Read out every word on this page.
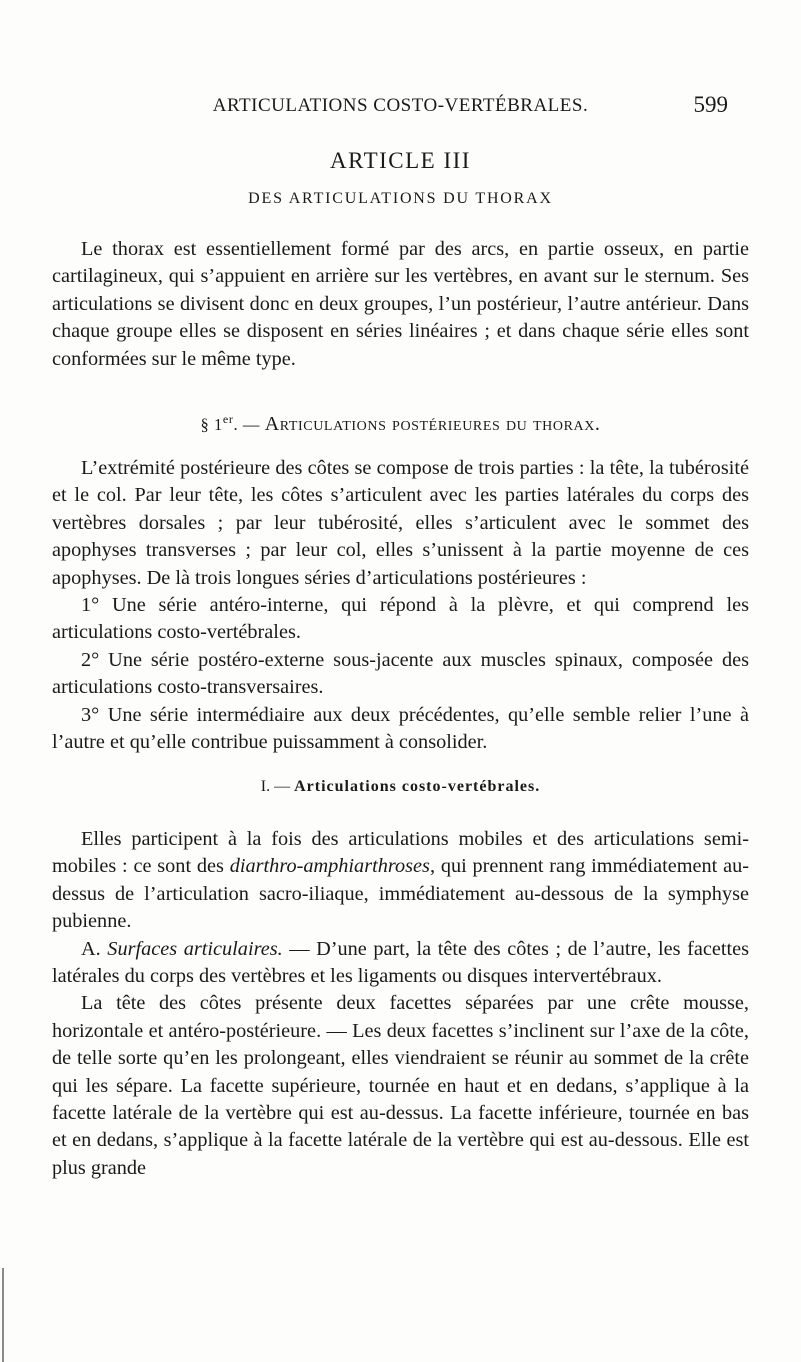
ARTICULATIONS COSTO-VERTÉBRALES.	599
ARTICLE III
DES ARTICULATIONS DU THORAX

Le thorax est essentiellement formé par des arcs, en partie osseux, en partie cartilagineux, qui s’appuient en arrière sur les vertèbres, en avant sur le sternum. Ses articulations se divisent donc en deux groupes, l’un postérieur, l’autre antérieur. Dans chaque groupe elles se disposent en séries linéaires ; et dans chaque série elles sont conformées sur le même type.

§ 1er. — Articulations postérieures du thorax.

L’extrémité postérieure des côtes se compose de trois parties : la tête, la tubérosité et le col. Par leur tête, les côtes s’articulent avec les parties latérales du corps des vertèbres dorsales ; par leur tubérosité, elles s’articulent avec le sommet des apophyses transverses ; par leur col, elles s’unissent à la partie moyenne de ces apophyses. De là trois longues séries d’articulations postérieures :

1° Une série antéro-interne, qui répond à la plèvre, et qui comprend les articulations costo-vertébrales.

2° Une série postéro-externe sous-jacente aux muscles spinaux, composée des articulations costo-transversaires.

3° Une série intermédiaire aux deux précédentes, qu’elle semble relier l’une à l’autre et qu’elle contribue puissamment à consolider.

I. — Articulations costo-vertébrales.

Elles participent à la fois des articulations mobiles et des articulations semi-mobiles : ce sont des diarthro-amphiarthroses, qui prennent rang immédiatement au-dessus de l’articulation sacro-iliaque, immédiatement au-dessous de la symphyse pubienne.

A. Surfaces articulaires. — D’une part, la tête des côtes ; de l’autre, les facettes latérales du corps des vertèbres et les ligaments ou disques intervertébraux.

La tête des côtes présente deux facettes séparées par une crête mousse, horizontale et antéro-postérieure. — Les deux facettes s’inclinent sur l’axe de la côte, de telle sorte qu’en les prolongeant, elles viendraient se réunir au sommet de la crête qui les sépare. La facette supérieure, tournée en haut et en dedans, s’applique à la facette latérale de la vertèbre qui est au-dessus. La facette inférieure, tournée en bas et en dedans, s’applique à la facette latérale de la vertèbre qui est au-dessous. Elle est plus grande
